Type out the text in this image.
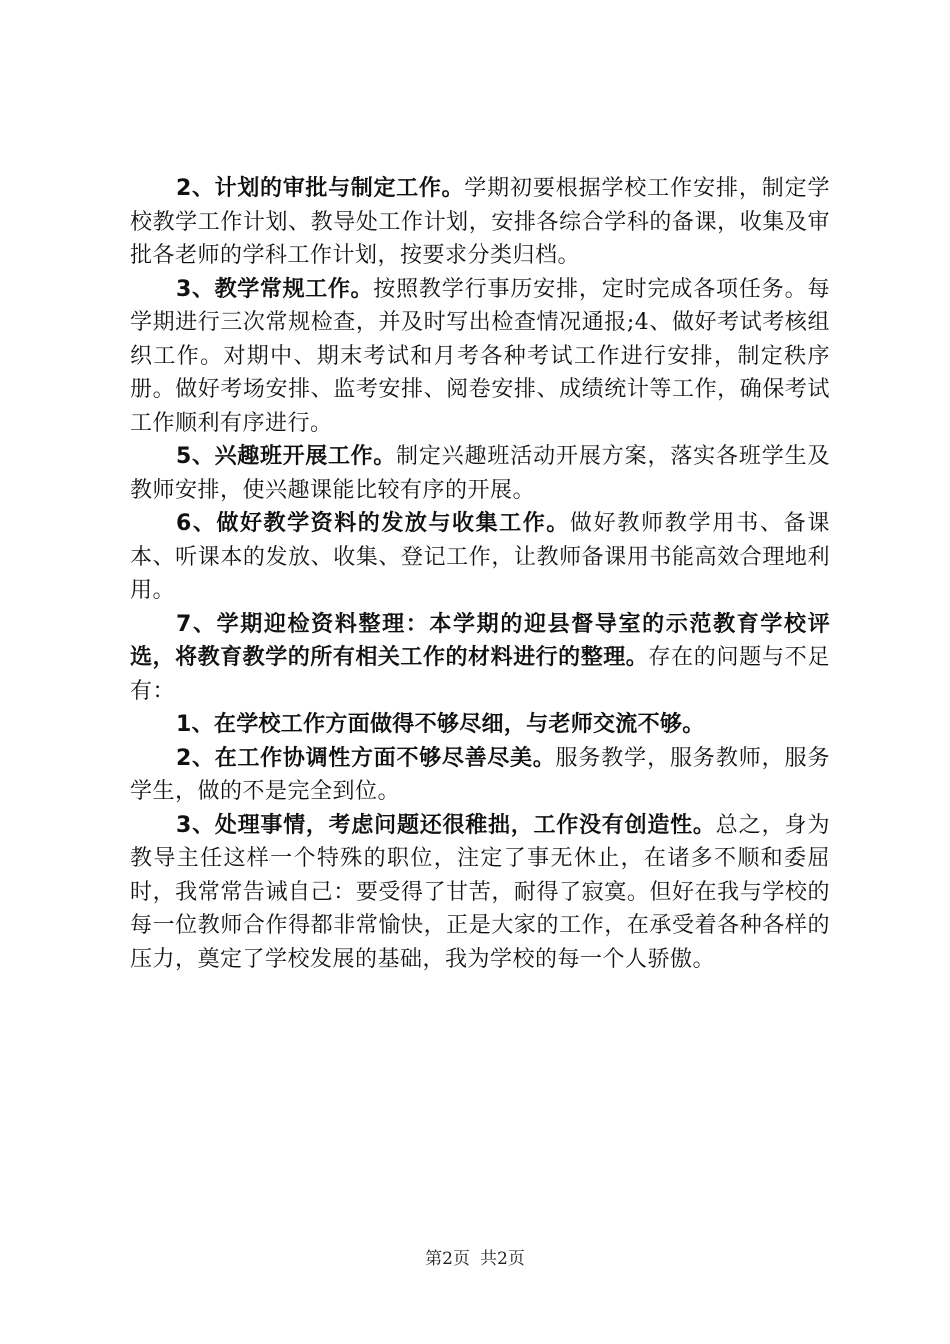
2、计划的审批与制定工作。学期初要根据学校工作安排，制定学校教学工作计划、教导处工作计划，安排各综合学科的备课，收集及审批各老师的学科工作计划，按要求分类归档。

3、教学常规工作。按照教学行事历安排，定时完成各项任务。每学期进行三次常规检查，并及时写出检查情况通报;4、做好考试考核组织工作。对期中、期末考试和月考各种考试工作进行安排，制定秩序册。做好考场安排、监考安排、阅卷安排、成绩统计等工作，确保考试工作顺利有序进行。

5、兴趣班开展工作。制定兴趣班活动开展方案，落实各班学生及教师安排，使兴趣课能比较有序的开展。

6、做好教学资料的发放与收集工作。做好教师教学用书、备课本、听课本的发放、收集、登记工作，让教师备课用书能高效合理地利用。

7、学期迎检资料整理：本学期的迎县督导室的示范教育学校评选，将教育教学的所有相关工作的材料进行的整理。存在的问题与不足有：

1、在学校工作方面做得不够尽细，与老师交流不够。

2、在工作协调性方面不够尽善尽美。服务教学，服务教师，服务学生，做的不是完全到位。

3、处理事情，考虑问题还很稚拙，工作没有创造性。总之，身为教导主任这样一个特殊的职位，注定了事无休止，在诸多不顺和委屈时，我常常告诫自己：要受得了甘苦，耐得了寂寞。但好在我与学校的每一位教师合作得都非常愉快，正是大家的工作，在承受着各种各样的压力，奠定了学校发展的基础，我为学校的每一个人骄傲。

第2页 共2页
